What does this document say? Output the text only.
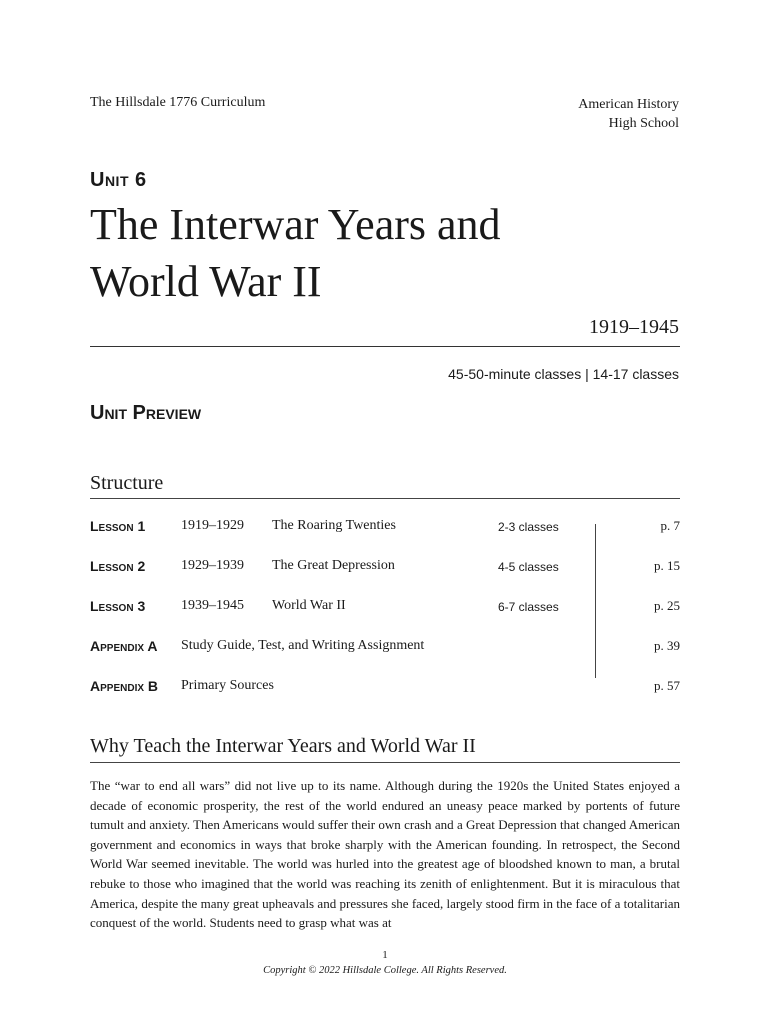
The Hillsdale 1776 Curriculum	American History
High School
Unit 6
The Interwar Years and
World War II
1919–1945
45-50-minute classes | 14-17 classes
Unit Preview
Structure
Lesson 1	1919–1929 The Roaring Twenties	2-3 classes	p. 7
Lesson 2	1929–1939 The Great Depression	4-5 classes	p. 15
Lesson 3	1939–1945 World War II	6-7 classes	p. 25
Appendix A Study Guide, Test, and Writing Assignment	p. 39
Appendix B Primary Sources	p. 57
Why Teach the Interwar Years and World War II

The “war to end all wars” did not live up to its name. Although during the 1920s the United States enjoyed a decade of economic prosperity, the rest of the world endured an uneasy peace marked by portents of future tumult and anxiety. Then Americans would suffer their own crash and a Great Depression that changed American government and economics in ways that broke sharply with the American founding. In retrospect, the Second World War seemed inevitable. The world was hurled into the greatest age of bloodshed known to man, a brutal rebuke to those who imagined that the world was reaching its zenith of enlightenment. But it is miraculous that America, despite the many great upheavals and pressures she faced, largely stood firm in the face of a totalitarian conquest of the world. Students need to grasp what was at

1
Copyright © 2022 Hillsdale College. All Rights Reserved.
